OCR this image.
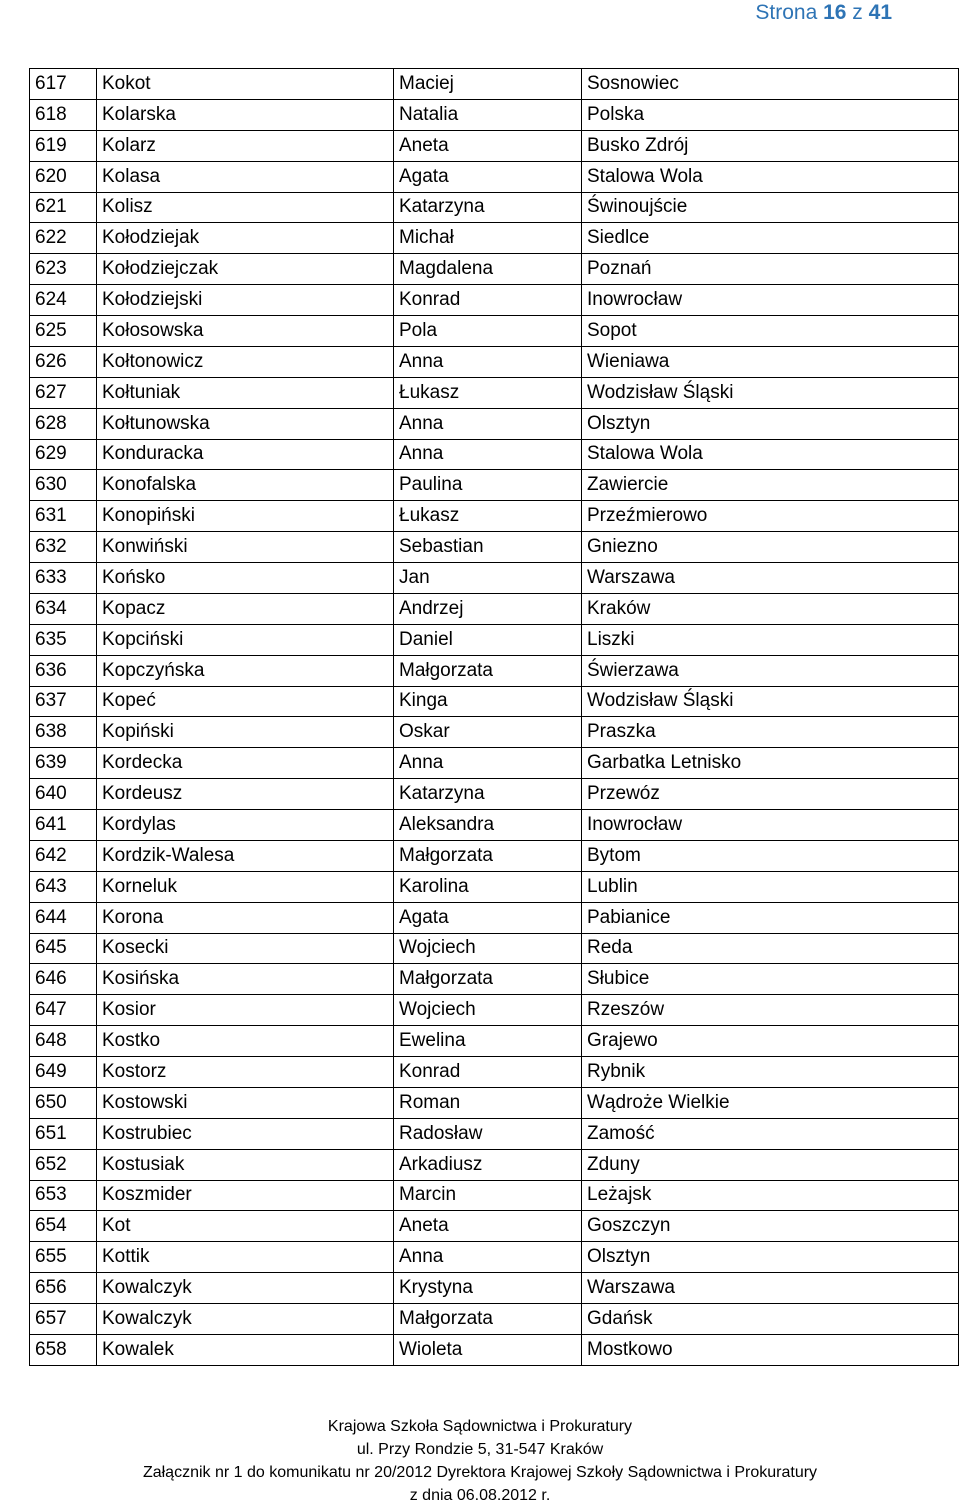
Strona 16 z 41
617	Kokot	Maciej	Sosnowiec
618	Kolarska	Natalia	Polska
619	Kolarz	Aneta	Busko Zdrój
620	Kolasa	Agata	Stalowa Wola
621	Kolisz	Katarzyna	Świnoujście
622	Kołodziejak	Michał	Siedlce
623	Kołodziejczak	Magdalena	Poznań
624	Kołodziejski	Konrad	Inowrocław
625	Kołosowska	Pola	Sopot
626	Kołtonowicz	Anna	Wieniawa
627	Kołtuniak	Łukasz	Wodzisław Śląski
628	Kołtunowska	Anna	Olsztyn
629	Konduracka	Anna	Stalowa Wola
630	Konofalska	Paulina	Zawiercie
631	Konopiński	Łukasz	Przeźmierowo
632	Konwiński	Sebastian	Gniezno
633	Końsko	Jan	Warszawa
634	Kopacz	Andrzej	Kraków
635	Kopciński	Daniel	Liszki
636	Kopczyńska	Małgorzata	Świerzawa
637	Kopeć	Kinga	Wodzisław Śląski
638	Kopiński	Oskar	Praszka
639	Kordecka	Anna	Garbatka Letnisko
640	Kordeusz	Katarzyna	Przewóz
641	Kordylas	Aleksandra	Inowrocław
642	Kordzik-Walesa	Małgorzata	Bytom
643	Korneluk	Karolina	Lublin
644	Korona	Agata	Pabianice
645	Kosecki	Wojciech	Reda
646	Kosińska	Małgorzata	Słubice
647	Kosior	Wojciech	Rzeszów
648	Kostko	Ewelina	Grajewo
649	Kostorz	Konrad	Rybnik
650	Kostowski	Roman	Wądroże Wielkie
651	Kostrubiec	Radosław	Zamość
652	Kostusiak	Arkadiusz	Zduny
653	Koszmider	Marcin	Leżajsk
654	Kot	Aneta	Goszczyn
655	Kottik	Anna	Olsztyn
656	Kowalczyk	Krystyna	Warszawa
657	Kowalczyk	Małgorzata	Gdańsk
658	Kowalek	Wioleta	Mostkowo
Krajowa Szkoła Sądownictwa i Prokuratury
ul. Przy Rondzie 5, 31-547 Kraków
Załącznik nr 1 do komunikatu nr 20/2012 Dyrektora Krajowej Szkoły Sądownictwa i Prokuratury
z dnia 06.08.2012 r.
